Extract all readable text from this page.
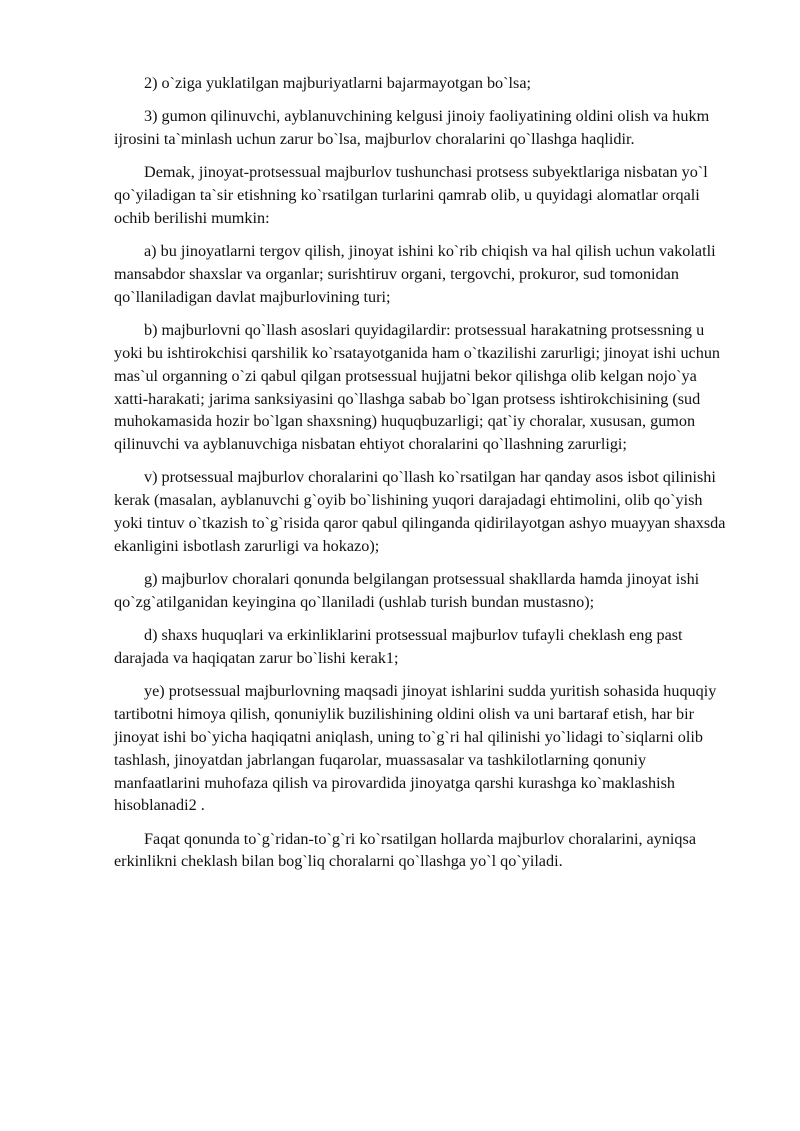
2) o`ziga yuklatilgan majburiyatlarni bajarmayotgan bo`lsa;

3) gumon qilinuvchi, ayblanuvchining kelgusi jinoiy faoliyatining oldini olish va hukm ijrosini ta`minlash uchun zarur bo`lsa, majburlov choralarini qo`llashga haqlidir.

Demak, jinoyat-protsessual majburlov tushunchasi protsess subyektlariga nisbatan yo`l qo`yiladigan ta`sir etishning ko`rsatilgan turlarini qamrab olib, u quyidagi alomatlar orqali ochib berilishi mumkin:

a) bu jinoyatlarni tergov qilish, jinoyat ishini ko`rib chiqish va hal qilish uchun vakolatli mansabdor shaxslar va organlar; surishtiruv organi, tergovchi, prokuror, sud tomonidan qo`llaniladigan davlat majburlovining turi;

b) majburlovni qo`llash asoslari quyidagilardir: protsessual harakatning protsessning u yoki bu ishtirokchisi qarshilik ko`rsatayotganida ham o`tkazilishi zarurligi; jinoyat ishi uchun mas`ul organning o`zi qabul qilgan protsessual hujjatni bekor qilishga olib kelgan nojo`ya xatti-harakati; jarima sanksiyasini qo`llashga sabab bo`lgan protsess ishtirokchisining (sud muhokamasida hozir bo`lgan shaxsning) huquqbuzarligi; qat`iy choralar, xususan, gumon qilinuvchi va ayblanuvchiga nisbatan ehtiyot choralarini qo`llashning zarurligi;

v) protsessual majburlov choralarini qo`llash ko`rsatilgan har qanday asos isbot qilinishi kerak (masalan, ayblanuvchi g`oyib bo`lishining yuqori darajadagi ehtimolini, olib qo`yish yoki tintuv o`tkazish to`g`risida qaror qabul qilinganda qidirilayotgan ashyo muayyan shaxsda ekanligini isbotlash zarurligi va hokazo);

g) majburlov choralari qonunda belgilangan protsessual shakllarda hamda jinoyat ishi qo`zg`atilganidan keyingina qo`llaniladi (ushlab turish bundan mustasno);

d) shaxs huquqlari va erkinliklarini protsessual majburlov tufayli cheklash eng past darajada va haqiqatan zarur bo`lishi kerak1;

ye) protsessual majburlovning maqsadi jinoyat ishlarini sudda yuritish sohasida huquqiy tartibotni himoya qilish, qonuniylik buzilishining oldini olish va uni bartaraf etish, har bir jinoyat ishi bo`yicha haqiqatni aniqlash, uning to`g`ri hal qilinishi yo`lidagi to`siqlarni olib tashlash, jinoyatdan jabrlangan fuqarolar, muassasalar va tashkilotlarning qonuniy manfaatlarini muhofaza qilish va pirovardida jinoyatga qarshi kurashga ko`maklashish hisoblanadi2 .

Faqat qonunda to`g`ridan-to`g`ri ko`rsatilgan hollarda majburlov choralarini, ayniqsa erkinlikni cheklash bilan bog`liq choralarni qo`llashga yo`l qo`yiladi.
